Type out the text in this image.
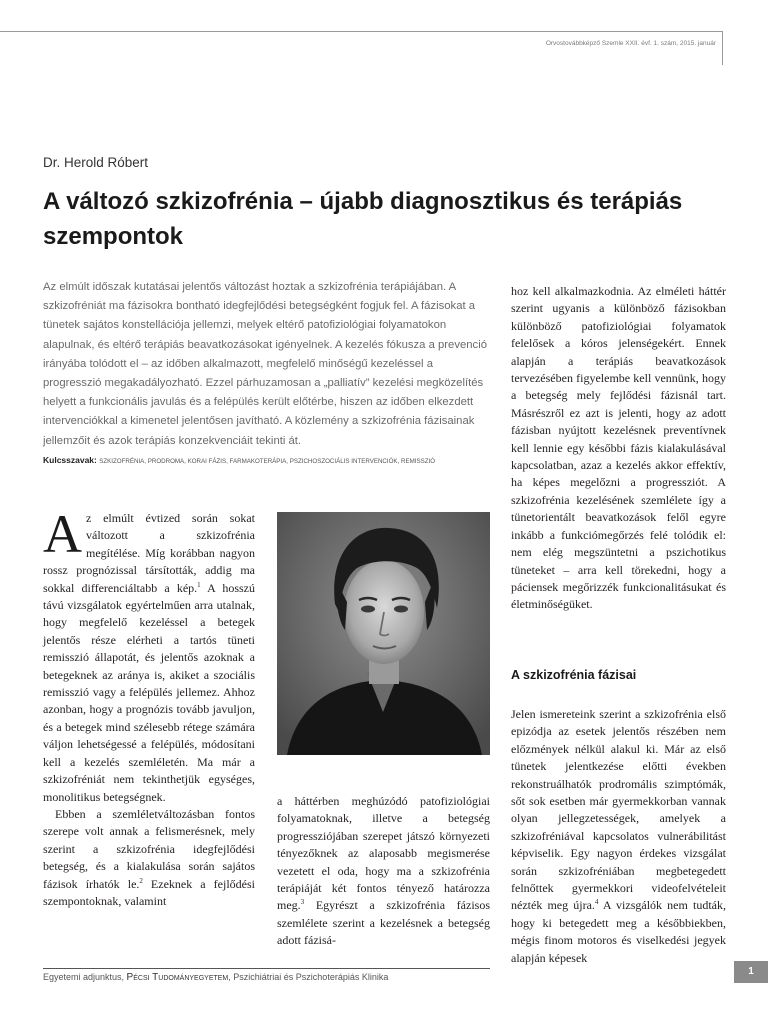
Orvostovábbképző Szemle XXII. évf. 1. szám, 2015. január
Dr. Herold Róbert
A változó szkizofrénia – újabb diagnosztikus és terápiás szempontok

Az elmúlt időszak kutatásai jelentős változást hoztak a szkizofrénia terápiájában. A szkizofréniát ma fázisokra bontható idegfejlődési betegségként fogjuk fel. A fázisokat a tünetek sajátos konstellációja jellemzi, melyek eltérő patofiziológiai folyamatokon alapulnak, és eltérő terápiás beavatkozásokat igényelnek. A kezelés fókusza a prevenció irányába tolódott el – az időben alkalmazott, megfelelő minőségű kezeléssel a progresszió megakadályozható. Ezzel párhuzamosan a „palliatív” kezelési megközelítés helyett a funkcionális javulás és a felépülés került előtérbe, hiszen az időben elkezdett intervenciókkal a kimenetel jelentősen javítható. A közlemény a szkizofrénia fázisainak jellemzőit és azok terápiás konzekvenciáit tekinti át.

Kulcsszavak: SZKIZOFRÉNIA, PRODROMA, KORAI FÁZIS, FARMAKOTERÁPIA, PSZICHOSZOCIÁLIS INTERVENCIÓK, REMISSZIÓ

Az elmúlt évtized során sokat változott a szkizofrénia megítélése. Míg korábban nagyon rossz prognózissal társították, addig ma sokkal differenciáltabb a kép.$^1$ A hosszú távú vizsgálatok egyértelműen arra utalnak, hogy megfelelő kezeléssel a betegek jelentős része elérheti a tartós tüneti remisszió állapotát, és jelentős azoknak a betegeknek az aránya is, akiket a szociális remisszió vagy a felépülés jellemez. Ahhoz azonban, hogy a prognózis tovább javuljon, és a betegek mind szélesebb rétege számára váljon lehetségessé a felépülés, módosítani kell a kezelés szemléletén. Ma már a szkizofréniát nem tekinthetjük egységes, monolitikus betegségnek.

Ebben a szemléletváltozásban fontos szerepe volt annak a felismerésnek, mely szerint a szkizofrénia idegfejlődési betegség, és a kialakulása során sajátos fázisok írhatók le.$^2$ Ezeknek a fejlődési szempontoknak, valamint

a háttérben meghúzódó patofiziológiai folyamatoknak, illetve a betegség progressziójában szerepet játszó környezeti tényezőknek az alaposabb megismerése vezetett el oda, hogy ma a szkizofrénia terápiáját két fontos tényező határozza meg.$^3$ Egyrészt a szkizofrénia fázisos szemlélete szerint a kezelésnek a betegség adott fázisá-

hoz kell alkalmazkodnia. Az elméleti háttér szerint ugyanis a különböző fázisokban különböző patofiziológiai folyamatok felelősek a kóros jelenségekért. Ennek alapján a terápiás beavatkozások tervezésében figyelembe kell vennünk, hogy a betegség mely fejlődési fázisnál tart. Másrészről ez azt is jelenti, hogy az adott fázisban nyújtott kezelésnek preventívnek kell lennie egy későbbi fázis kialakulásával kapcsolatban, azaz a kezelés akkor effektív, ha képes megelőzni a progressziót. A szkizofrénia kezelésének szemlélete így a tünetorientált beavatkozások felől egyre inkább a funkciómegőrzés felé tolódik el: nem elég megszüntetni a pszichotikus tüneteket – arra kell törekedni, hogy a páciensek megőrizzék funkcionalitásukat és életminőségüket.

A szkizofrénia fázisai

Jelen ismereteink szerint a szkizofrénia első epizódja az esetek jelentős részében nem előzmények nélkül alakul ki. Már az első tünetek jelentkezése előtti években rekonstruálhatók prodromális szimptómák, sőt sok esetben már gyermekkorban vannak olyan jellegzetességek, amelyek a szkizofréniával kapcsolatos vulnerábilitást képviselik. Egy nagyon érdekes vizsgálat során szkizofréniában megbetegedett felnőttek gyermekkori videofelvételeit nézték meg újra.$^4$ A vizsgálók nem tudták, hogy ki betegedett meg a későbbiekben, mégis finom motoros és viselkedési jegyek alapján képesek

Egyetemi adjunktus, Pécsi Tudományegyetem, Pszichiátriai és Pszichoterápiás Klinika	1
